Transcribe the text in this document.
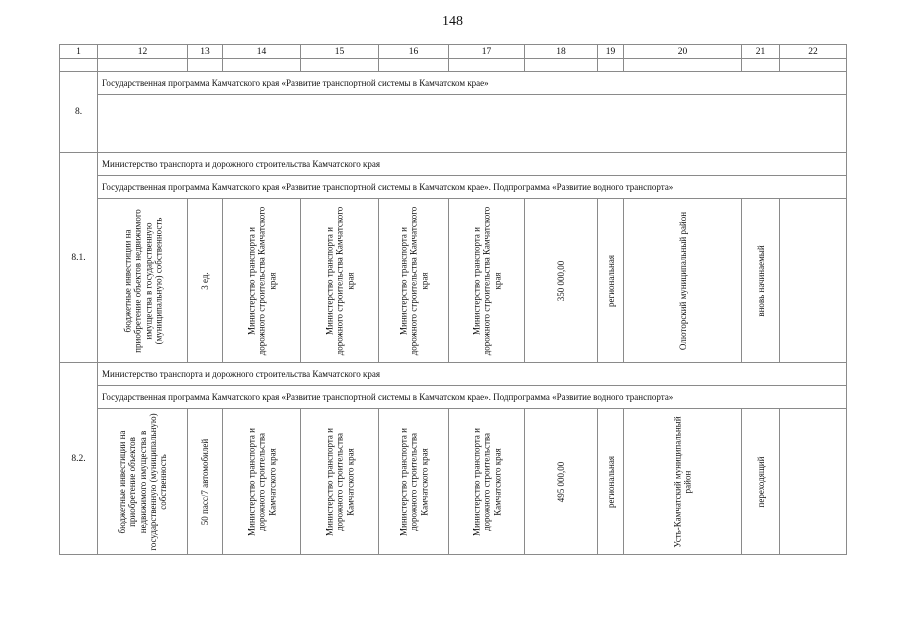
148
1	12	13	14	15	16	17	18	19	20	21	22

8.	Государственная программа Камчатского края «Развитие транспортной системы в Камчатском крае»										

8.1.	Министерство транспорта и дорожного строительства Камчатского края										
	Государственная программа Камчатского края «Развитие транспортной системы в Камчатском крае». Подпрограмма «Развитие водного транспорта»										

	бюджетные инвестиции на приобретение объектов недвижимого имущества в государственную (муниципальную) собственность	3 ед.	Министерство транспорта и дорожного строительства Камчатского края	Министерство транспорта и дорожного строительства Камчатского края	Министерство транспорта и дорожного строительства Камчатского края	Министерство транспорта и дорожного строительства Камчатского края	350 000,00	региональная	Олюторский муниципальный район	вновь начинаемый	

8.2.	Министерство транспорта и дорожного строительства Камчатского края										
	Государственная программа Камчатского края «Развитие транспортной системы в Камчатском крае». Подпрограмма «Развитие водного транспорта»										

	бюджетные инвестиции на приобретение объектов недвижимого имущества в государственную (муниципальную) собственность	50 пасс/7 автомобилей	Министерство транспорта и дорожного строительства Камчатского края	Министерство транспорта и дорожного строительства Камчатского края	Министерство транспорта и дорожного строительства Камчатского края	Министерство транспорта и дорожного строительства Камчатского края	495 000,00	региональная	Усть-Камчатский муниципальный район	переходящий	
